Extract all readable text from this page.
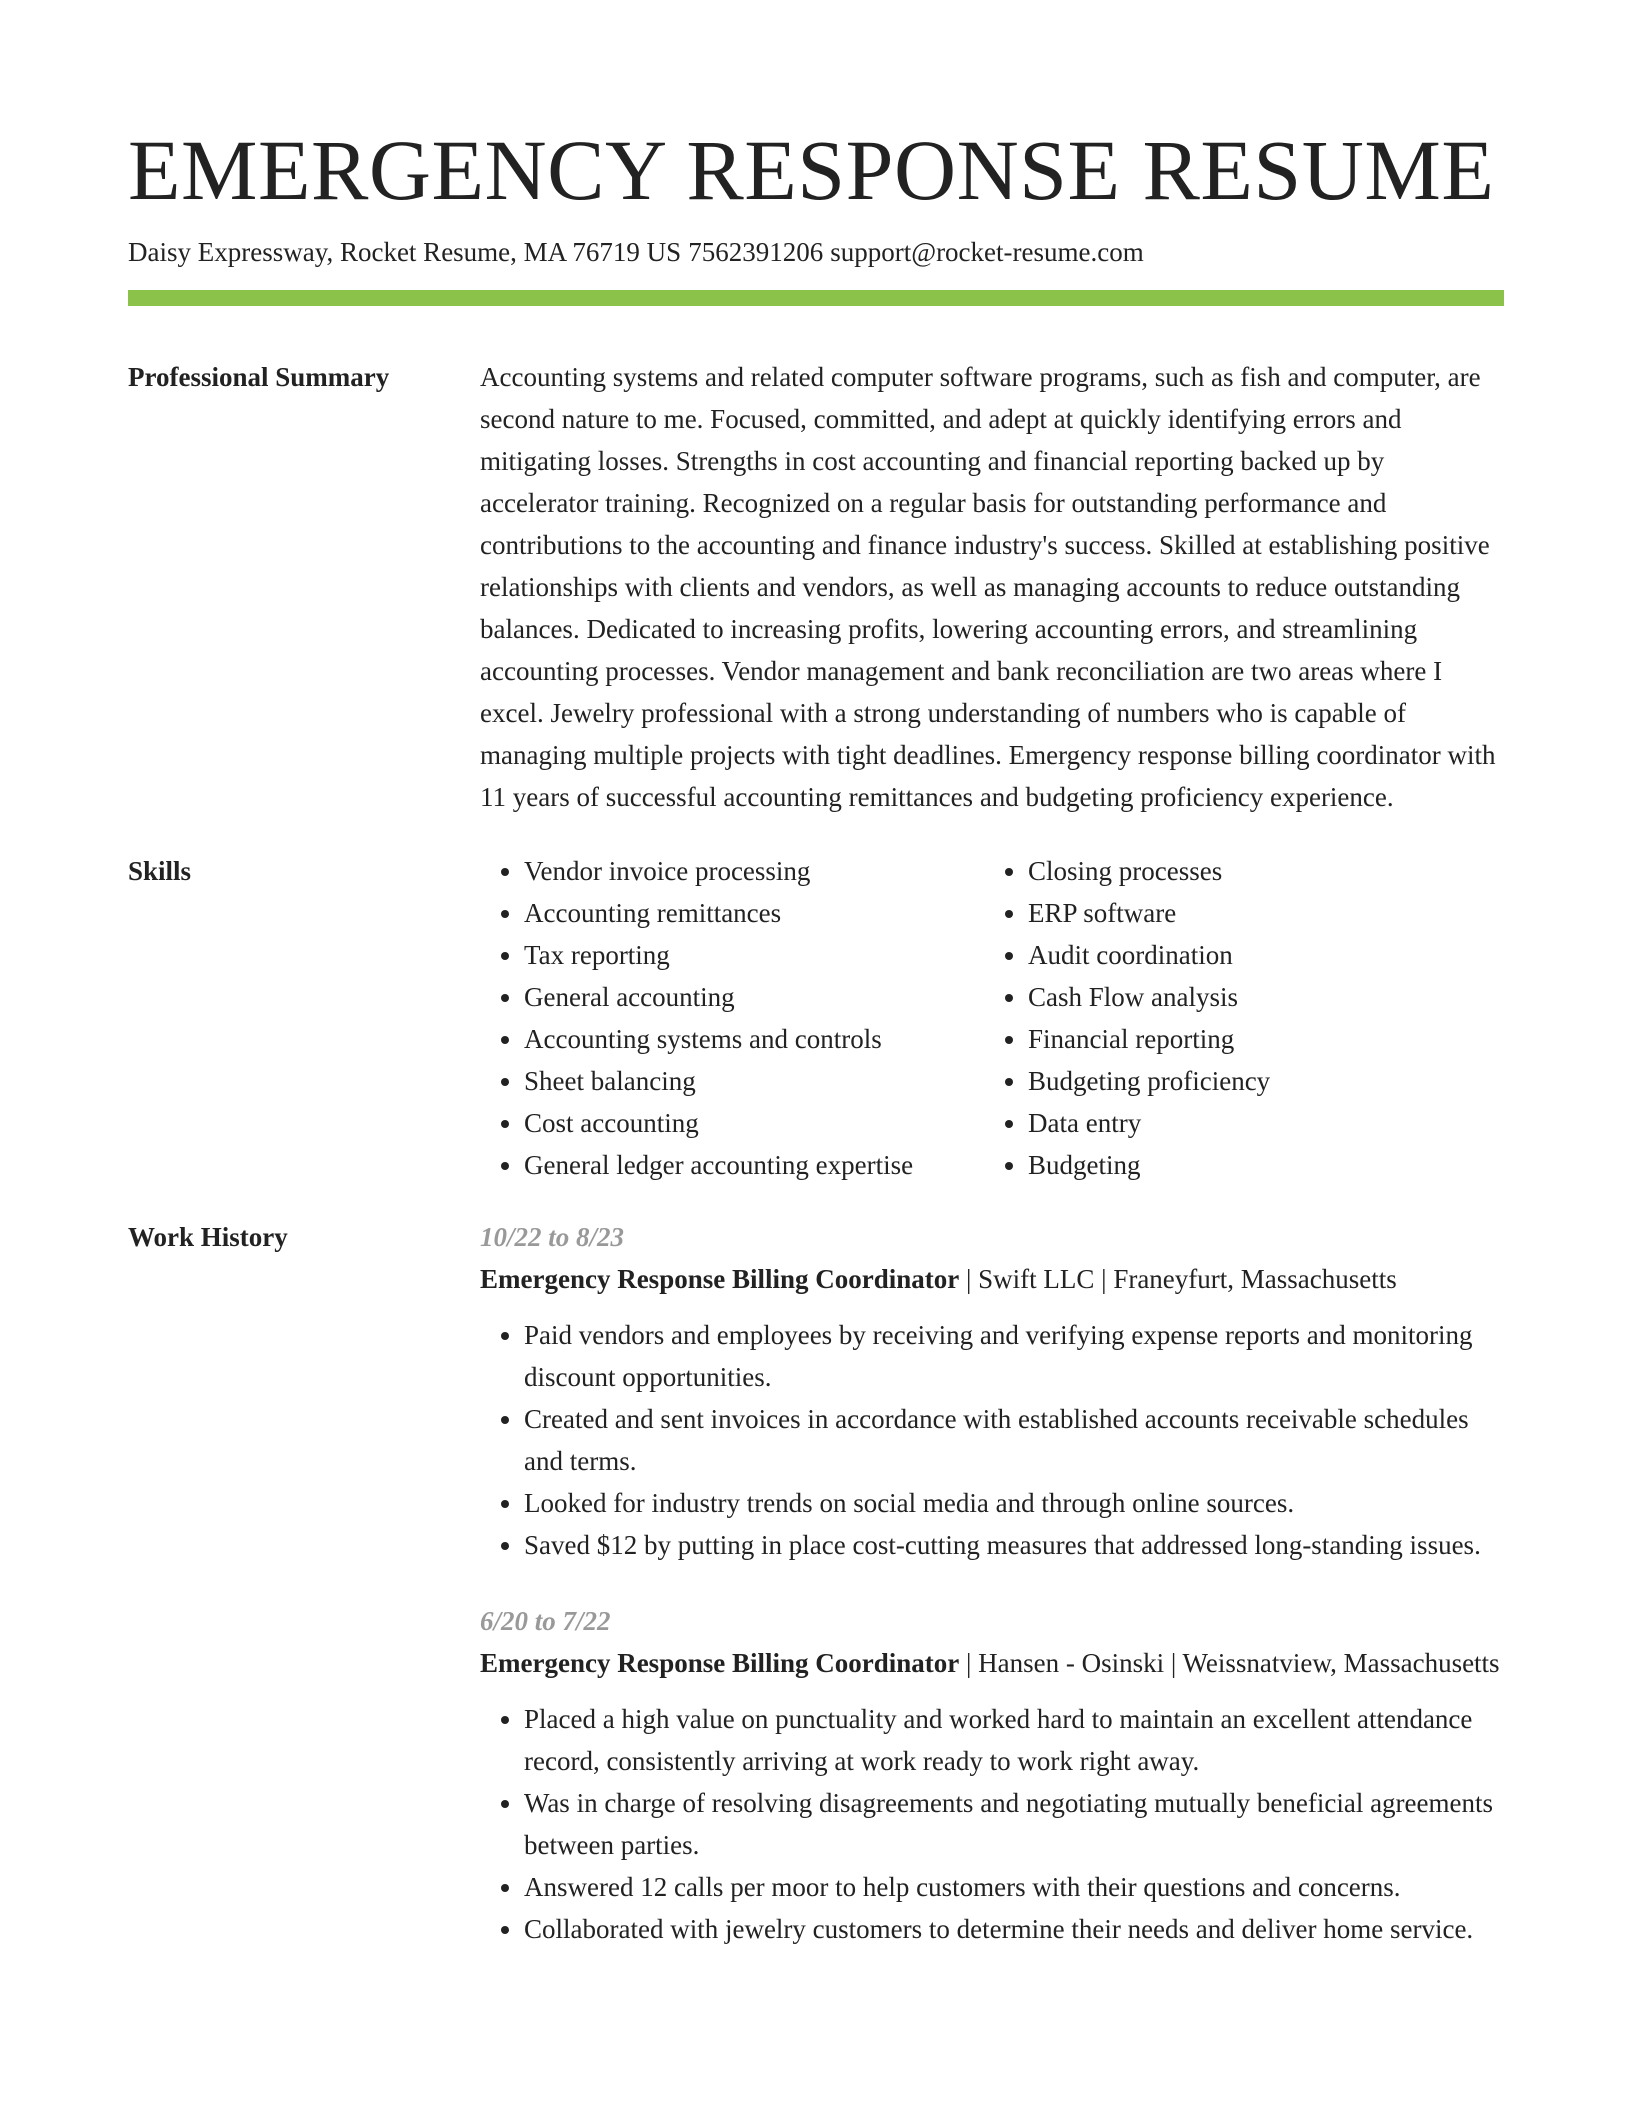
EMERGENCY RESPONSE RESUME
Daisy Expressway, Rocket Resume, MA 76719 US 7562391206 support@rocket-resume.com
Professional Summary	Accounting systems and related computer software programs, such as fish and computer, are second nature to me. Focused, committed, and adept at quickly identifying errors and mitigating losses. Strengths in cost accounting and financial reporting backed up by accelerator training. Recognized on a regular basis for outstanding performance and contributions to the accounting and finance industry's success. Skilled at establishing positive relationships with clients and vendors, as well as managing accounts to reduce outstanding balances. Dedicated to increasing profits, lowering accounting errors, and streamlining accounting processes. Vendor management and bank reconciliation are two areas where I excel. Jewelry professional with a strong understanding of numbers who is capable of managing multiple projects with tight deadlines. Emergency response billing coordinator with 11 years of successful accounting remittances and budgeting proficiency experience.

Skills
•	Vendor invoice processing
• Accounting remittances
• Tax reporting
• General accounting
• Accounting systems and controls
• Sheet balancing
• Cost accounting
• General ledger accounting expertise
• Closing processes
• ERP software
• Audit coordination
• Cash Flow analysis
• Financial reporting
• Budgeting proficiency
• Data entry
• Budgeting
Work History	10/22 to 8/23
Emergency Response Billing Coordinator | Swift LLC | Franeyfurt, Massachusetts
• Paid vendors and employees by receiving and verifying expense reports and monitoring discount opportunities.
• Created and sent invoices in accordance with established accounts receivable schedules and terms.
• Looked for industry trends on social media and through online sources.
• Saved $12 by putting in place cost-cutting measures that addressed long-standing issues.
6/20 to 7/22
Emergency Response Billing Coordinator | Hansen - Osinski | Weissnatview, Massachusetts
• Placed a high value on punctuality and worked hard to maintain an excellent attendance record, consistently arriving at work ready to work right away.
• Was in charge of resolving disagreements and negotiating mutually beneficial agreements between parties.
• Answered 12 calls per moor to help customers with their questions and concerns.
• Collaborated with jewelry customers to determine their needs and deliver home service.
